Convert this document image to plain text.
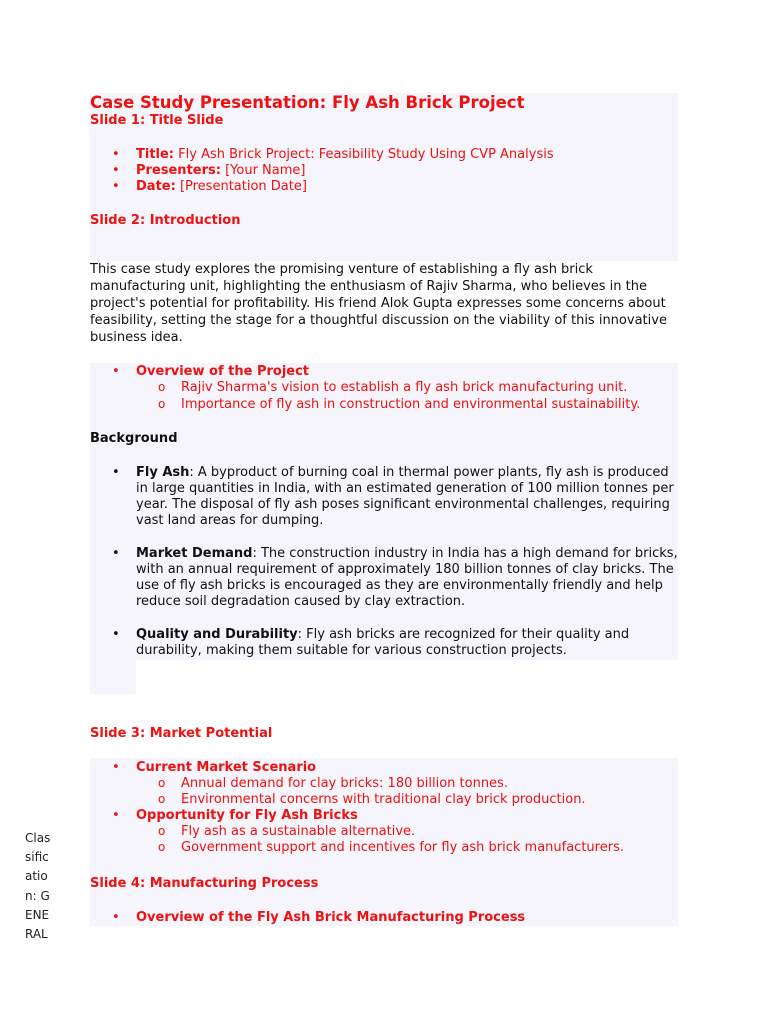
Case Study Presentation: Fly Ash Brick Project
Slide 1: Title Slide
• Title: Fly Ash Brick Project: Feasibility Study Using CVP Analysis
• Presenters: [Your Name]
• Date: [Presentation Date]
Slide 2: Introduction
This case study explores the promising venture of establishing a fly ash brick manufacturing unit, highlighting the enthusiasm of Rajiv Sharma, who believes in the project's potential for profitability. His friend Alok Gupta expresses some concerns about feasibility, setting the stage for a thoughtful discussion on the viability of this innovative business idea.
• Overview of the Project
o Rajiv Sharma's vision to establish a fly ash brick manufacturing unit.
o Importance of fly ash in construction and environmental sustainability.
Background
• Fly Ash: A byproduct of burning coal in thermal power plants, fly ash is produced in large quantities in India, with an estimated generation of 100 million tonnes per year. The disposal of fly ash poses significant environmental challenges, requiring vast land areas for dumping.
• Market Demand: The construction industry in India has a high demand for bricks, with an annual requirement of approximately 180 billion tonnes of clay bricks. The use of fly ash bricks is encouraged as they are environmentally friendly and help reduce soil degradation caused by clay extraction.
• Quality and Durability: Fly ash bricks are recognized for their quality and durability, making them suitable for various construction projects.
Slide 3: Market Potential
• Current Market Scenario
o Annual demand for clay bricks: 180 billion tonnes.
o Environmental concerns with traditional clay brick production.
• Opportunity for Fly Ash Bricks
o Fly ash as a sustainable alternative.
o Government support and incentives for fly ash brick manufacturers.
Slide 4: Manufacturing Process
• Overview of the Fly Ash Brick Manufacturing Process
Classification: GENERAL
